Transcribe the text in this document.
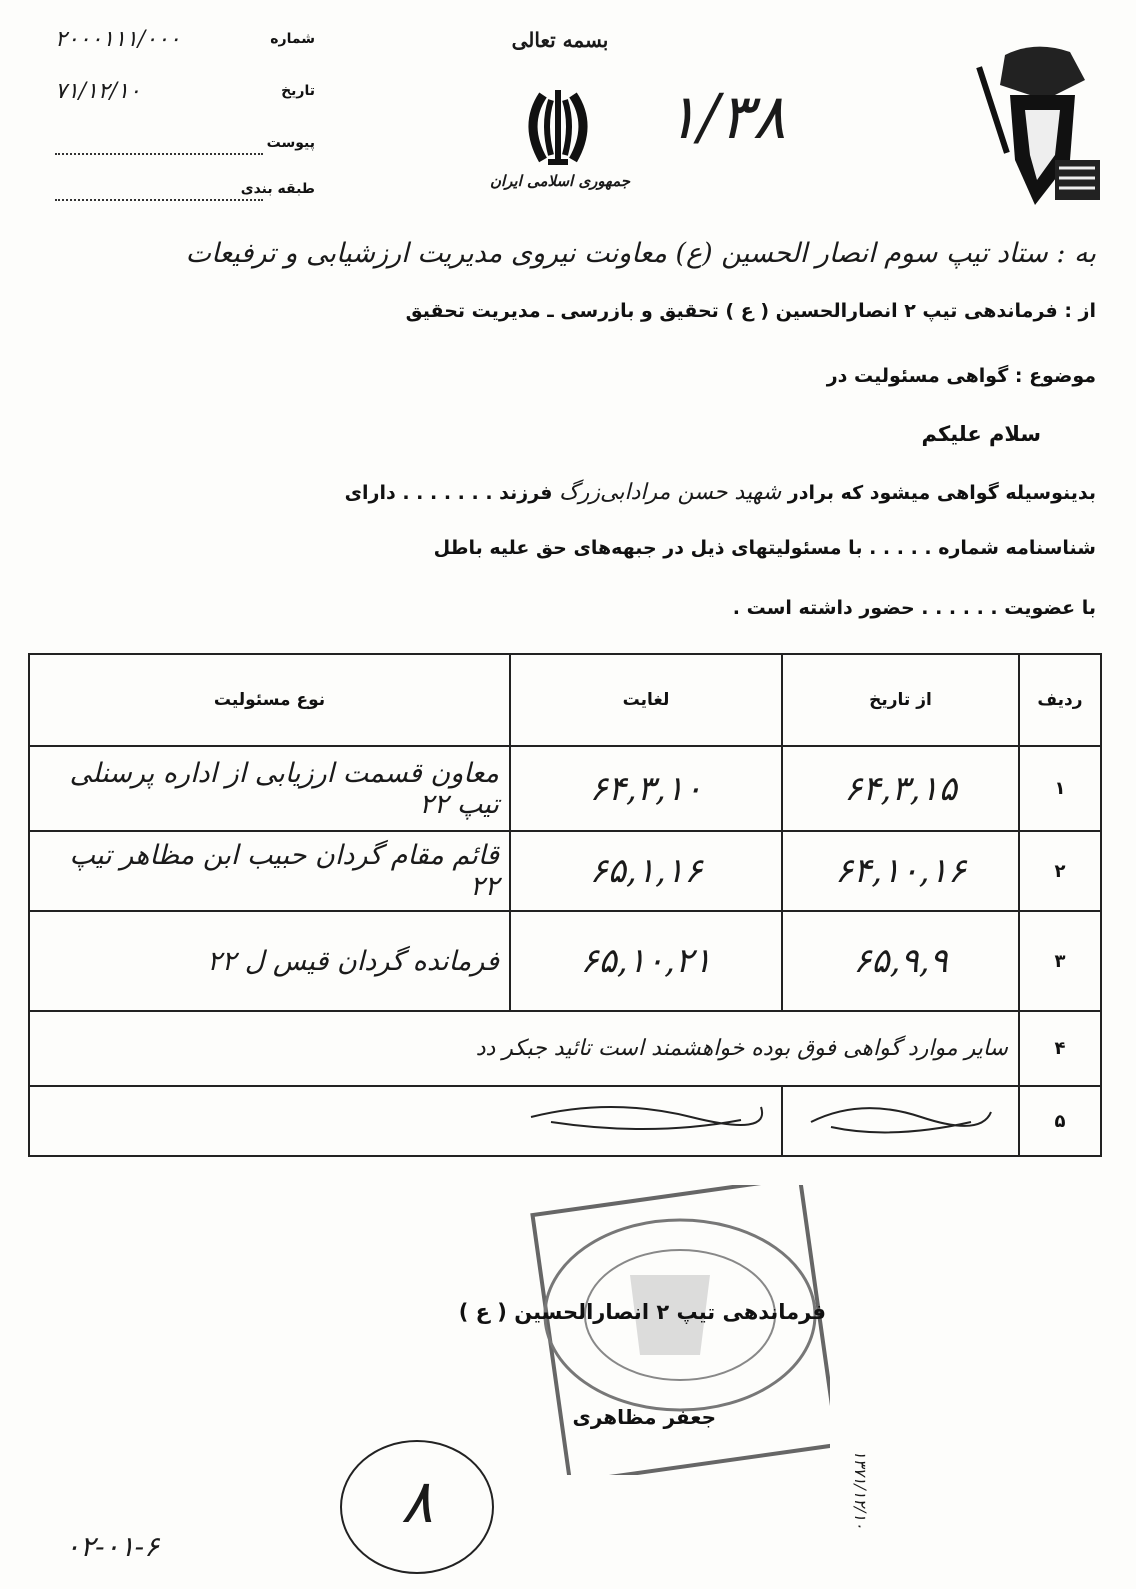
بسمه تعالی
جمهوری اسلامی ایران
۱/۳۸
شماره
۲۰۰۰۱۱۱/۰۰۰
تاریخ
۷۱/۱۲/۱۰
پیوست
طبقه بندی
به : ستاد تیپ سوم انصار الحسین (ع) معاونت نیروی مدیریت ارزشیابی و ترفیعات
از : فرماندهی تیپ ۲ انصارالحسین ( ع ) تحقیق و بازرسی ـ مدیریت تحقیق
موضوع : گواهی مسئولیت در
سلام علیکم
بدینوسیله گواهی میشود که برادر شهید حسن مرادابی‌زرگ فرزند . . . . . . . دارای
شناسنامه شماره . . . . . با مسئولیتهای ذیل در جبهه‌های حق علیه باطل
با عضویت . . . . . . حضور داشته است .
ردیف	از تاریخ	لغایت	نوع مسئولیت
۱	۶۴,۳,۱۵	۶۴,۳,۱۰	معاون قسمت ارزیابی از اداره پرسنلی تیپ ۲۲
۲	۶۴,۱۰,۱۶	۶۵,۱,۱۶	قائم مقام گردان حبیب ابن مظاهر تیپ ۲۲
۳	۶۵,۹,۹	۶۵,۱۰,۲۱	فرمانده گردان قیس ل ۲۲
۴	سایر موارد گواهی فوق بوده خواهشمند است تائید جبکر دد		
۵		
فرماندهی تیپ ۲ انصارالحسین ( ع )
جعفر مظاهری
۸
۰۲-۰۱-۶
۱۳۷۱/۱۲/۱۰
